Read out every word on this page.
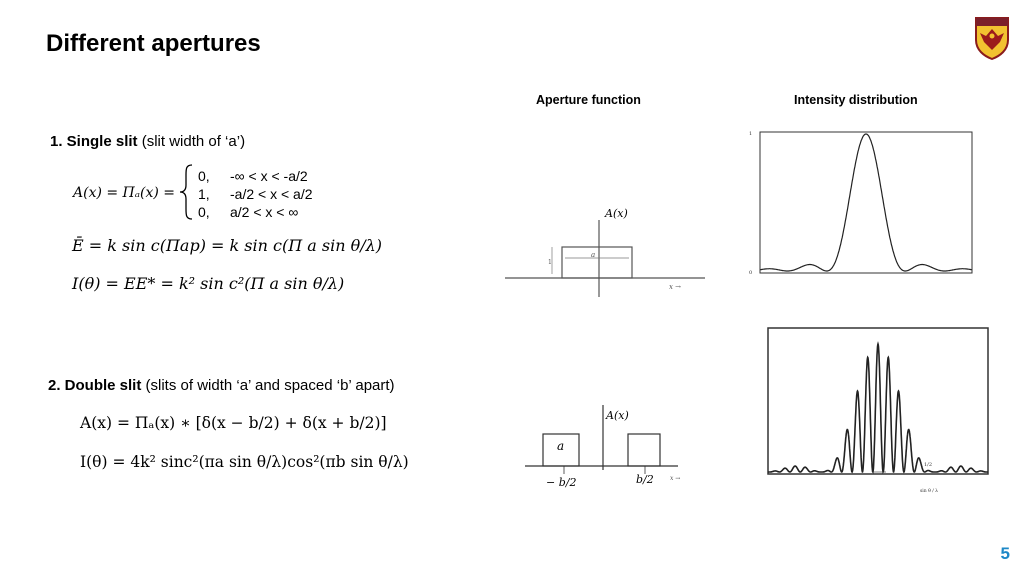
Different apertures
Aperture function	Intensity distribution
1. Single slit (slit width of ‘a’)
A(x) = Πₐ(x) =
0, -∞ < x < -a/2
1, -a/2 < x < a/2
0, a/2 < x < ∞
Ē = k sin c(Πap) = k sin c(Π a sin θ/λ)
I(θ) = EE* = k² sin c²(Π a sin θ/λ)
A(x)
a
1
x →
1
0
2. Double slit (slits of width ‘a’ and spaced ‘b’ apart)
A(x) = Πₐ(x) ∗ [δ(x − b/2) + δ(x + b/2)]
I(θ) = 4k² sinc²(πa sin θ/λ)cos²(πb sin θ/λ)
A(x)
a
− b/2	b/2	x →
1/2
sin θ / λ
5
